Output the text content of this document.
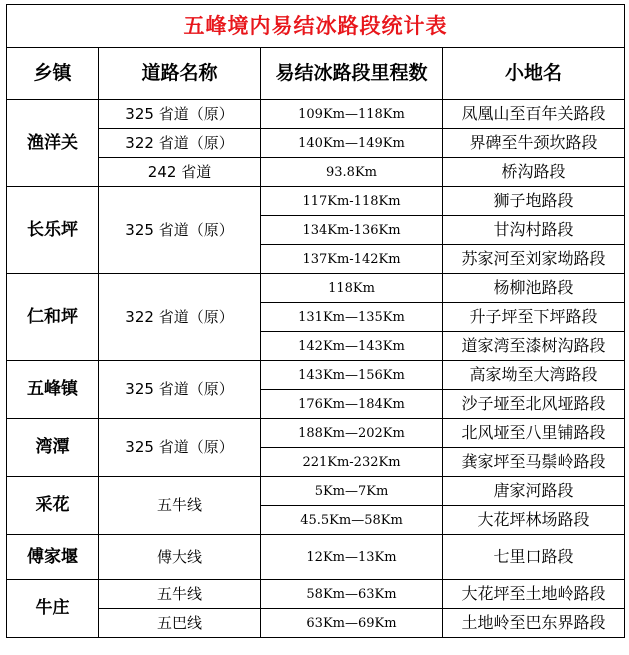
五峰境内易结冰路段统计表			
乡镇	道路名称	易结冰路段里程数	小地名
渔洋关	325 省道（原）	109Km—118Km	凤凰山至百年关路段
	322 省道（原）	140Km—149Km	界碑至牛颈坎路段
	242 省道	93.8Km	桥沟路段
长乐坪	325 省道（原）	117Km-118Km	狮子垉路段
		134Km-136Km	甘沟村路段
		137Km-142Km	苏家河至刘家坳路段
仁和坪	322 省道（原）	118Km	杨柳池路段
		131Km—135Km	升子坪至下坪路段
		142Km—143Km	道家湾至漆树沟路段
五峰镇	325 省道（原）	143Km—156Km	高家坳至大湾路段
		176Km—184Km	沙子垭至北风垭路段
湾潭	325 省道（原）	188Km—202Km	北风垭至八里铺路段
		221Km-232Km	龚家坪至马鬃岭路段
采花	五牛线	5Km—7Km	唐家河路段
		45.5Km—58Km	大花坪林场路段
傅家堰	傅大线	12Km—13Km	七里口路段
牛庄	五牛线	58Km—63Km	大花坪至土地岭路段
	五巴线	63Km—69Km	土地岭至巴东界路段
